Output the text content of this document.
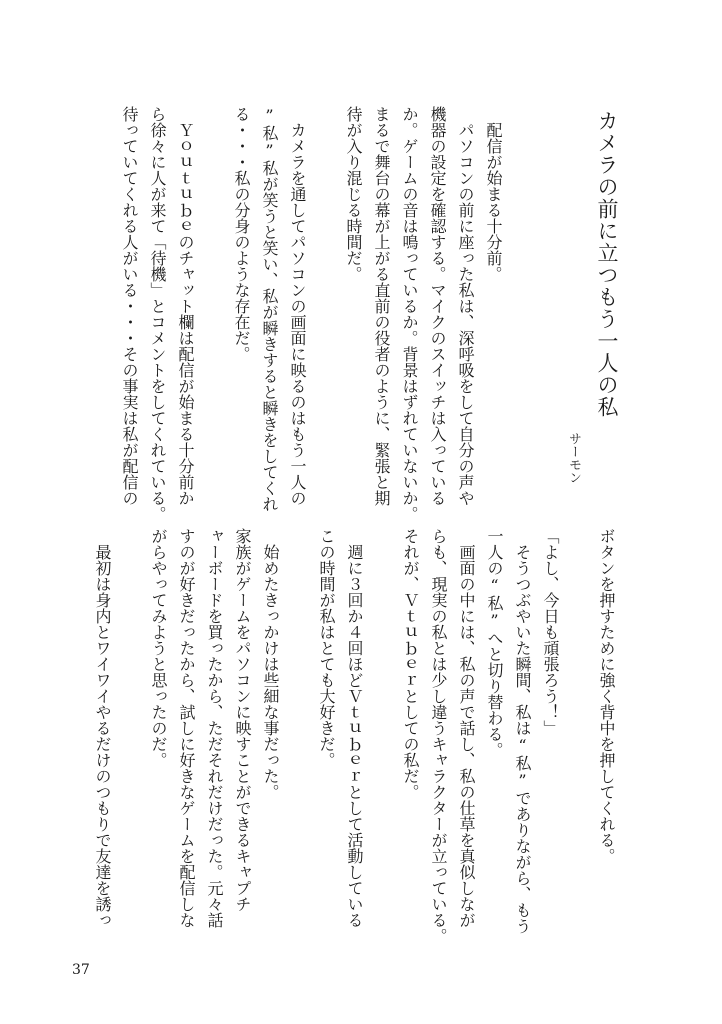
カメラの前に立つもう一人の私
サーモン
配信が始まる十分前。
パソコンの前に座った私は、深呼吸をして自分の声や
機器の設定を確認する。マイクのスイッチは入っている
か。ゲームの音は鳴っているか。背景はずれていないか。
まるで舞台の幕が上がる直前の役者のように、緊張と期
待が入り混じる時間だ。
カメラを通してパソコンの画面に映るのはもう一人の
”私”私が笑うと笑い、私が瞬きすると瞬きをしてくれ
る・・・私の分身のような存在だ。
Ｙｏｕｔｕｂｅのチャット欄は配信が始まる十分前か
ら徐々に人が来て「待機」とコメントをしてくれている。
待っていてくれる人がいる・・・その事実は私が配信の
ボタンを押すために強く背中を押してくれる。
「よし、今日も頑張ろう！」
そうつぶやいた瞬間、私は“私”でありながら、もう
一人の“私”へと切り替わる。
画面の中には、私の声で話し、私の仕草を真似しなが
らも、現実の私とは少し違うキャラクターが立っている。
それが、Ｖｔｕｂｅｒとしての私だ。
週に３回か４回ほどＶｔｕｂｅｒとして活動している
この時間が私はとても大好きだ。
始めたきっかけは些細な事だった。
家族がゲームをパソコンに映すことができるキャプチ
ャーボードを買ったから、ただそれだけだった。元々話
すのが好きだったから、試しに好きなゲームを配信しな
がらやってみようと思ったのだ。
最初は身内とワイワイやるだけのつもりで友達を誘っ
37
